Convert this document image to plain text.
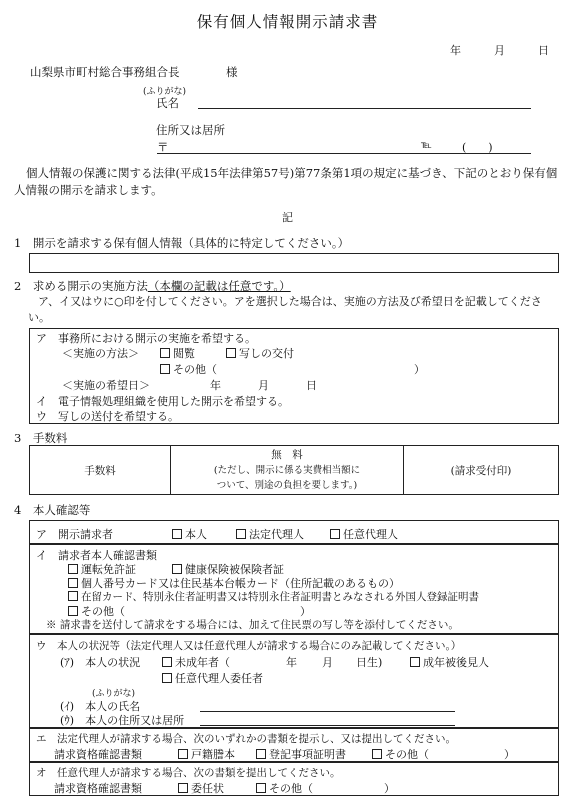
保有個人情報開示請求書
年	月	日
山梨県市町村総合事務組合長	様
(ふりがな)
氏名
住所又は居所
〒	℡	(　　)
個人情報の保護に関する法律(平成15年法律第57号)第77条第1項の規定に基づき、下記のとおり保有個人情報の開示を請求します。
記
1　開示を請求する保有個人情報（具体的に特定してください。）
2　求める開示の実施方法（本欄の記載は任意です。）
ア、イ又はウに○印を付してください。アを選択した場合は、実施の方法及び希望日を記載してください。
ア　事務所における開示の実施を希望する。
＜実施の方法＞	閲覧	写しの交付
その他（	）
＜実施の希望日＞	年	月	日
イ　電子情報処理組織を使用した開示を希望する。
ウ　写しの送付を希望する。
3　手数料
手数料	
無　料
(ただし、開示に係る実費相当額に
ついて、別途の負担を要します。)
	(請求受付印)
4　本人確認等
ア　開示請求者	本人	法定代理人	任意代理人
イ　請求者本人確認書類
運転免許証	健康保険被保険者証
個人番号カード又は住民基本台帳カード（住所記載のあるもの）
在留カード、特別永住者証明書又は特別永住者証明書とみなされる外国人登録証明書
その他（	）
※ 請求書を送付して請求をする場合には、加えて住民票の写し等を添付してください。
ウ　本人の状況等（法定代理人又は任意代理人が請求する場合にのみ記載してください。）
(ｱ)　本人の状況	未成年者（	年 月 日生)	成年被後見人
任意代理人委任者
(ふりがな)
(ｲ)　本人の氏名
(ｳ)　本人の住所又は居所
エ　法定代理人が請求する場合、次のいずれかの書類を提示し、又は提出してください。
請求資格確認書類	戸籍謄本	登記事項証明書	その他（	）
オ　任意代理人が請求する場合、次の書類を提出してください。
請求資格確認書類	委任状	その他（	）
